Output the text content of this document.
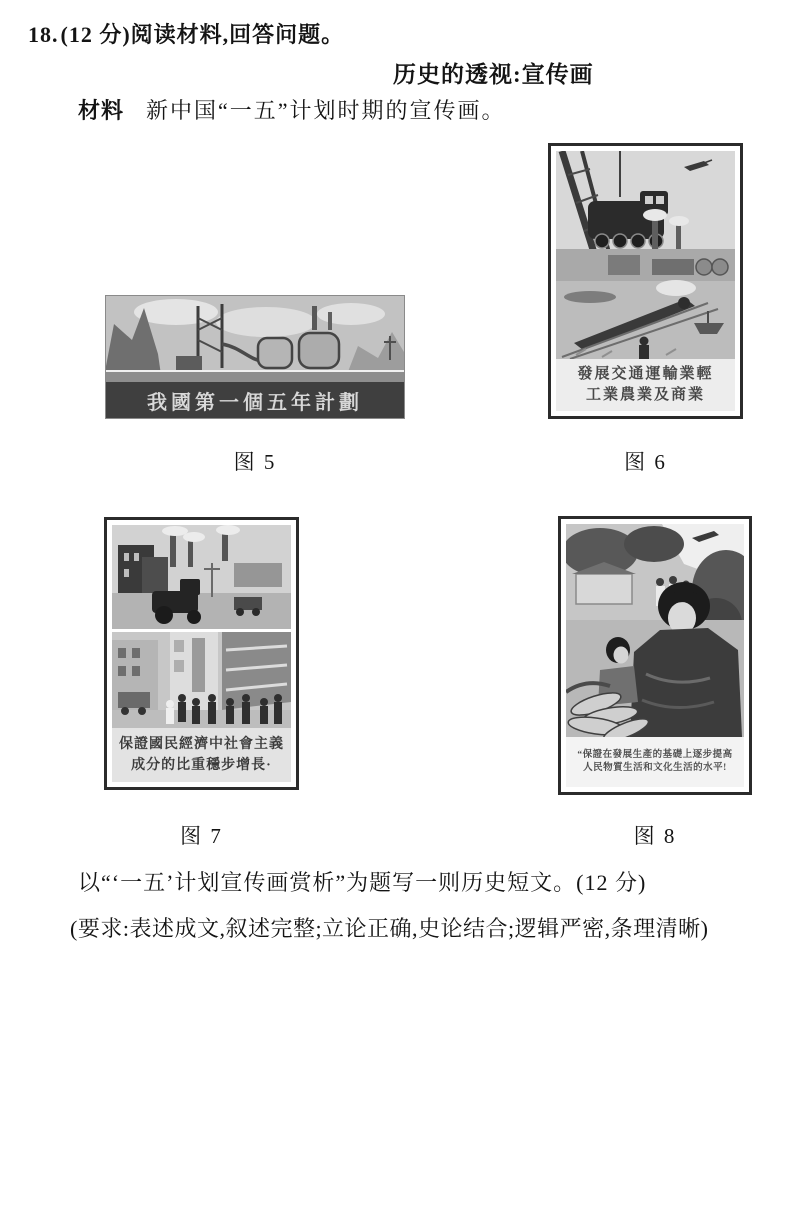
18.(12 分)阅读材料,回答问题。
历史的透视:宣传画
材料 新中国“一五”计划时期的宣传画。
我國第一個五年計劃
图 5
發展交通運輸業輕
工業農業及商業
图 6
保證國民經濟中社會主義
成分的比重穩步增長·
图 7
“保證在發展生產的基礎上逐步提高
人民物質生活和文化生活的水平!
图 8
以“‘一五’计划宣传画赏析”为题写一则历史短文。(12 分)
(要求:表述成文,叙述完整;立论正确,史论结合;逻辑严密,条理清晰)
